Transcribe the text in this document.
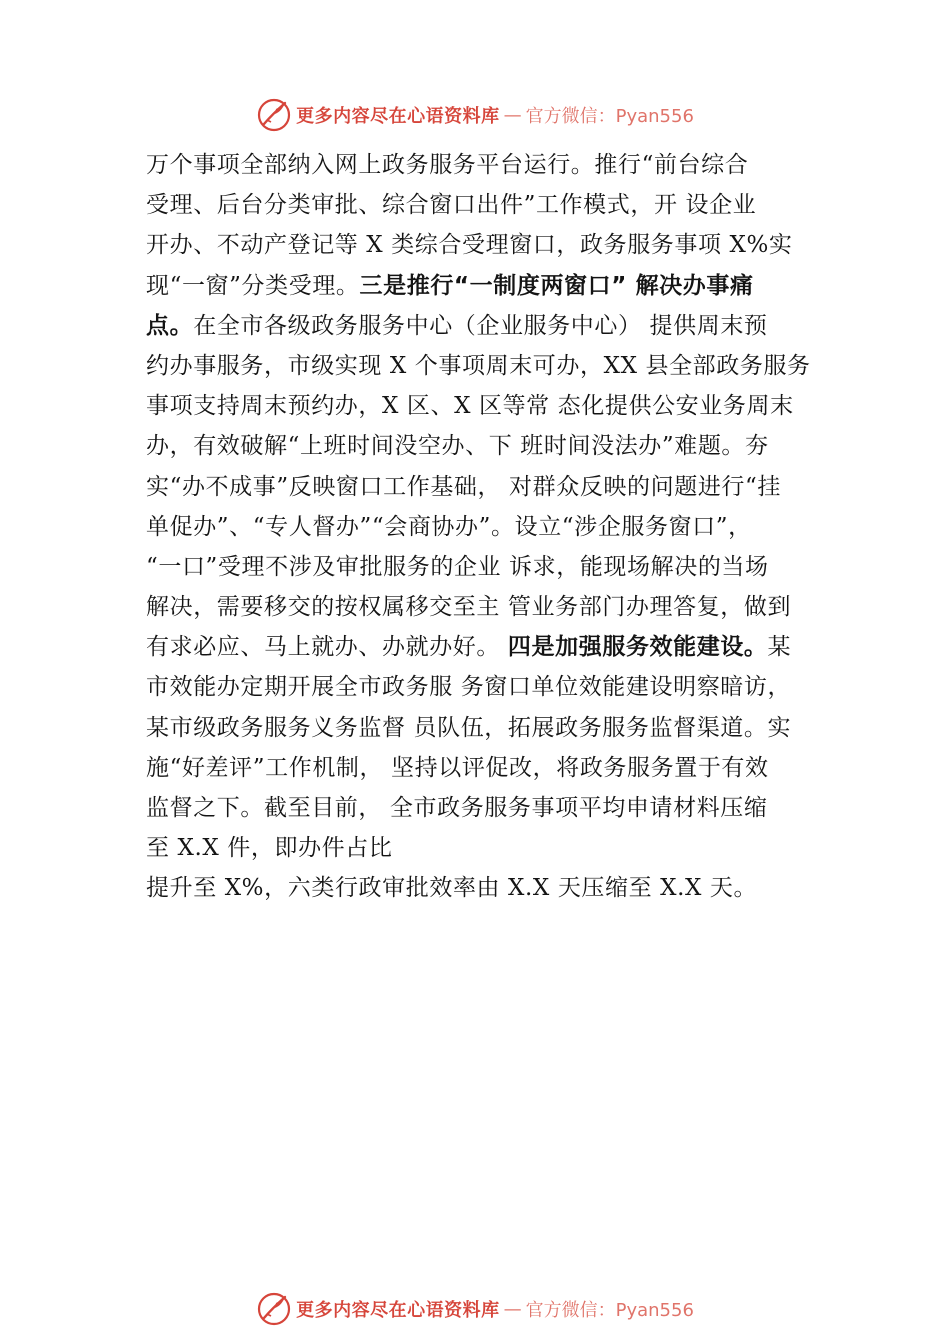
更多内容尽在心语资料库 — 官方微信：Pyan556
万个事项全部纳入网上政务服务平台运行。推行“前台综合
受理、后台分类审批、综合窗口出件”工作模式，开 设企业
开办、不动产登记等 X 类综合受理窗口，政务服务事项 X%实
现“一窗”分类受理。三是推行“一制度两窗口” 解决办事痛
点。在全市各级政务服务中心（企业服务中心） 提供周末预
约办事服务，市级实现 X 个事项周末可办，XX 县全部政务服务
事项支持周末预约办，X 区、X 区等常 态化提供公安业务周末
办，有效破解“上班时间没空办、下 班时间没法办”难题。夯
实“办不成事”反映窗口工作基础， 对群众反映的问题进行“挂
单促办”、“专人督办”“会商协办”。设立“涉企服务窗口”，
“一口”受理不涉及审批服务的企业 诉求，能现场解决的当场
解决，需要移交的按权属移交至主 管业务部门办理答复，做到
有求必应、马上就办、办就办好。 四是加强服务效能建设。某
市效能办定期开展全市政务服 务窗口单位效能建设明察暗访，
某市级政务服务义务监督 员队伍，拓展政务服务监督渠道。实
施“好差评”工作机制， 坚持以评促改，将政务服务置于有效
监督之下。截至目前， 全市政务服务事项平均申请材料压缩
至 X.X 件，即办件占比
提升至 X%，六类行政审批效率由 X.X 天压缩至 X.X 天。
更多内容尽在心语资料库 — 官方微信：Pyan556
